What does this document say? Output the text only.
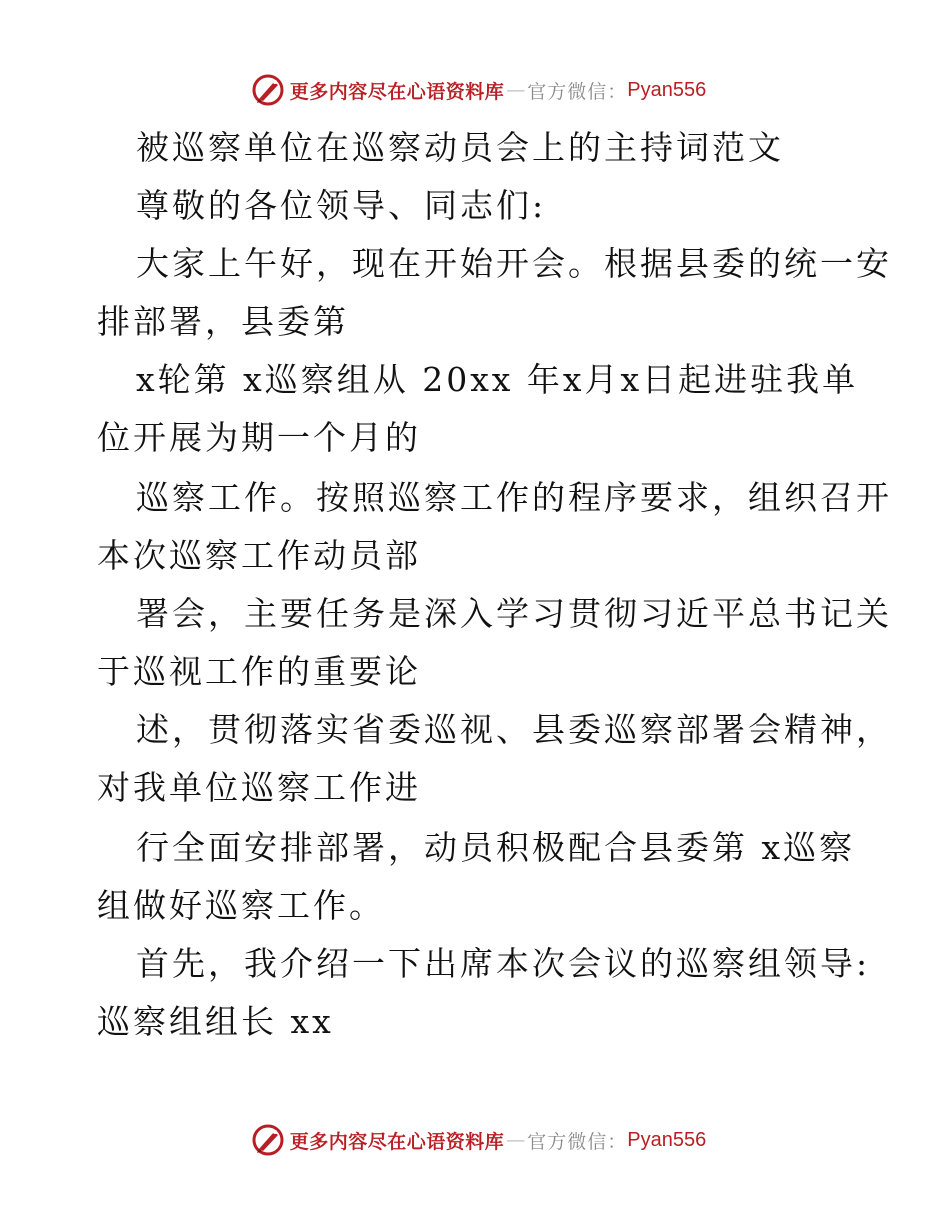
更多内容尽在心语资料库 — 官方微信： Pyan556
被巡察单位在巡察动员会上的主持词范文
尊敬的各位领导、同志们:
大家上午好，现在开始开会。根据县委的统一安
排部署，县委第
x轮第 x巡察组从 20xx 年x月x日起进驻我单
位开展为期一个月的
巡察工作。按照巡察工作的程序要求，组织召开
本次巡察工作动员部
署会，主要任务是深入学习贯彻习近平总书记关
于巡视工作的重要论
述，贯彻落实省委巡视、县委巡察部署会精神，
对我单位巡察工作进
行全面安排部署，动员积极配合县委第 x巡察
组做好巡察工作。
首先，我介绍一下出席本次会议的巡察组领导:
巡察组组长 xx
更多内容尽在心语资料库 — 官方微信： Pyan556
